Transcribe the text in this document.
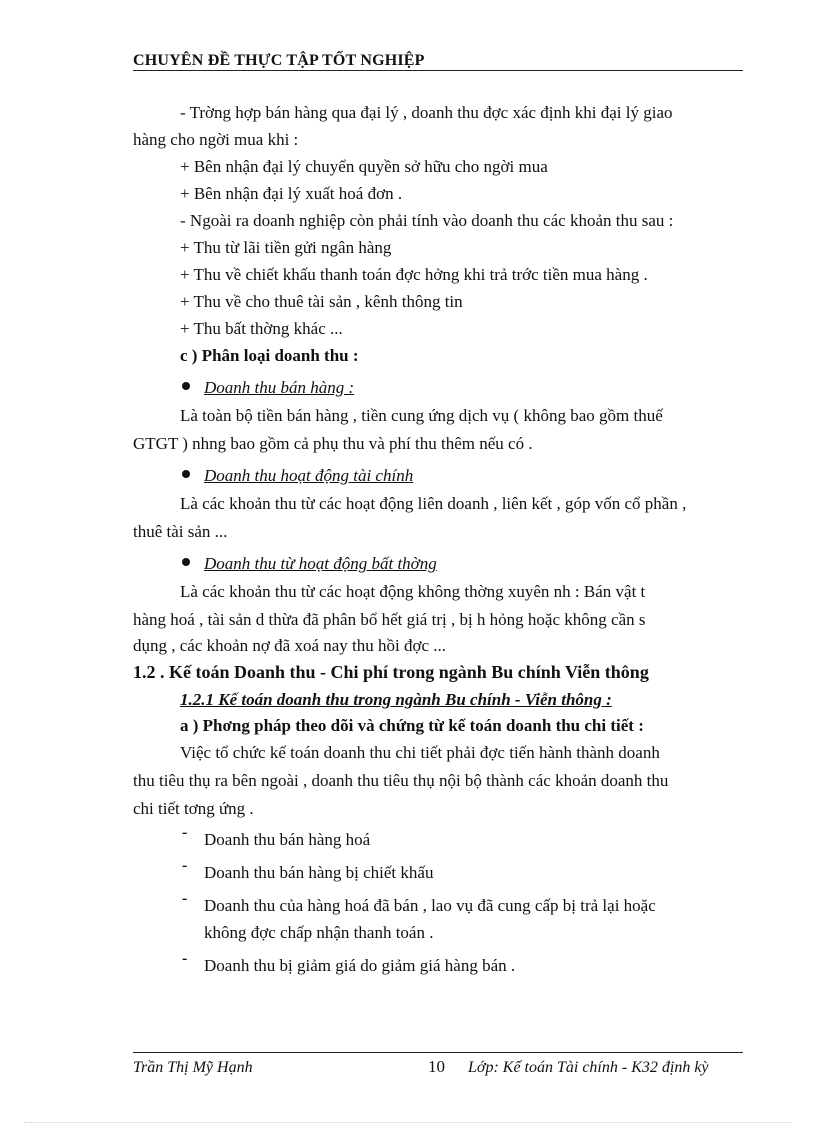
CHUYÊN ĐỀ THỰC TẬP TỐT NGHIỆP
- Trờng hợp bán hàng qua đại lý , doanh thu đợc xác định khi đại lý giao
hàng cho ngời mua khi :
+ Bên nhận đại lý chuyển quyền sở hữu cho ngời mua
+ Bên nhận đại lý xuất hoá đơn .
- Ngoài ra doanh nghiệp còn phải tính vào doanh thu các khoản thu sau :
+ Thu từ lãi tiền gửi ngân hàng
+ Thu về chiết khấu thanh toán đợc hởng khi trả trớc tiền mua hàng .
+ Thu về cho thuê tài sản , kênh thông tin
+ Thu bất thờng khác ...
c ) Phân loại doanh thu :
Doanh thu bán hàng :
Là toàn bộ tiền bán hàng , tiền cung ứng dịch vụ ( không bao gồm thuế
GTGT ) nhng bao gồm cả phụ thu và phí thu thêm nếu có .
Doanh thu hoạt động tài chính
Là các khoản thu từ các hoạt động liên doanh , liên kết , góp vốn cổ phần ,
thuê tài sản ...
Doanh thu từ hoạt động bất thờng
Là các khoản thu từ các hoạt động không thờng xuyên nh : Bán vật t
hàng hoá , tài sản d thừa đã phân bổ hết giá trị , bị h hỏng hoặc không cần s
dụng , các khoản nợ đã xoá nay thu hồi đợc ...
1.2 . Kế toán Doanh thu - Chi phí trong ngành Bu chính Viễn thông
1.2.1 Kế toán doanh thu trong ngành Bu chính - Viễn thông :
a ) Phơng pháp theo dõi và chứng từ kế toán doanh thu chi tiết :
Việc tổ chức kế toán doanh thu chi tiết phải đợc tiến hành thành doanh
thu tiêu thụ ra bên ngoài , doanh thu tiêu thụ nội bộ thành các khoản doanh thu
chi tiết tơng ứng .
- Doanh thu bán hàng hoá
- Doanh thu bán hàng bị chiết khấu
- Doanh thu của hàng hoá đã bán , lao vụ đã cung cấp bị trả lại hoặc
không đợc chấp nhận thanh toán .
- Doanh thu bị giảm giá do giảm giá hàng bán .
Trần Thị Mỹ Hạnh	10 Lớp: Kế toán Tài chính - K32 định kỳ
